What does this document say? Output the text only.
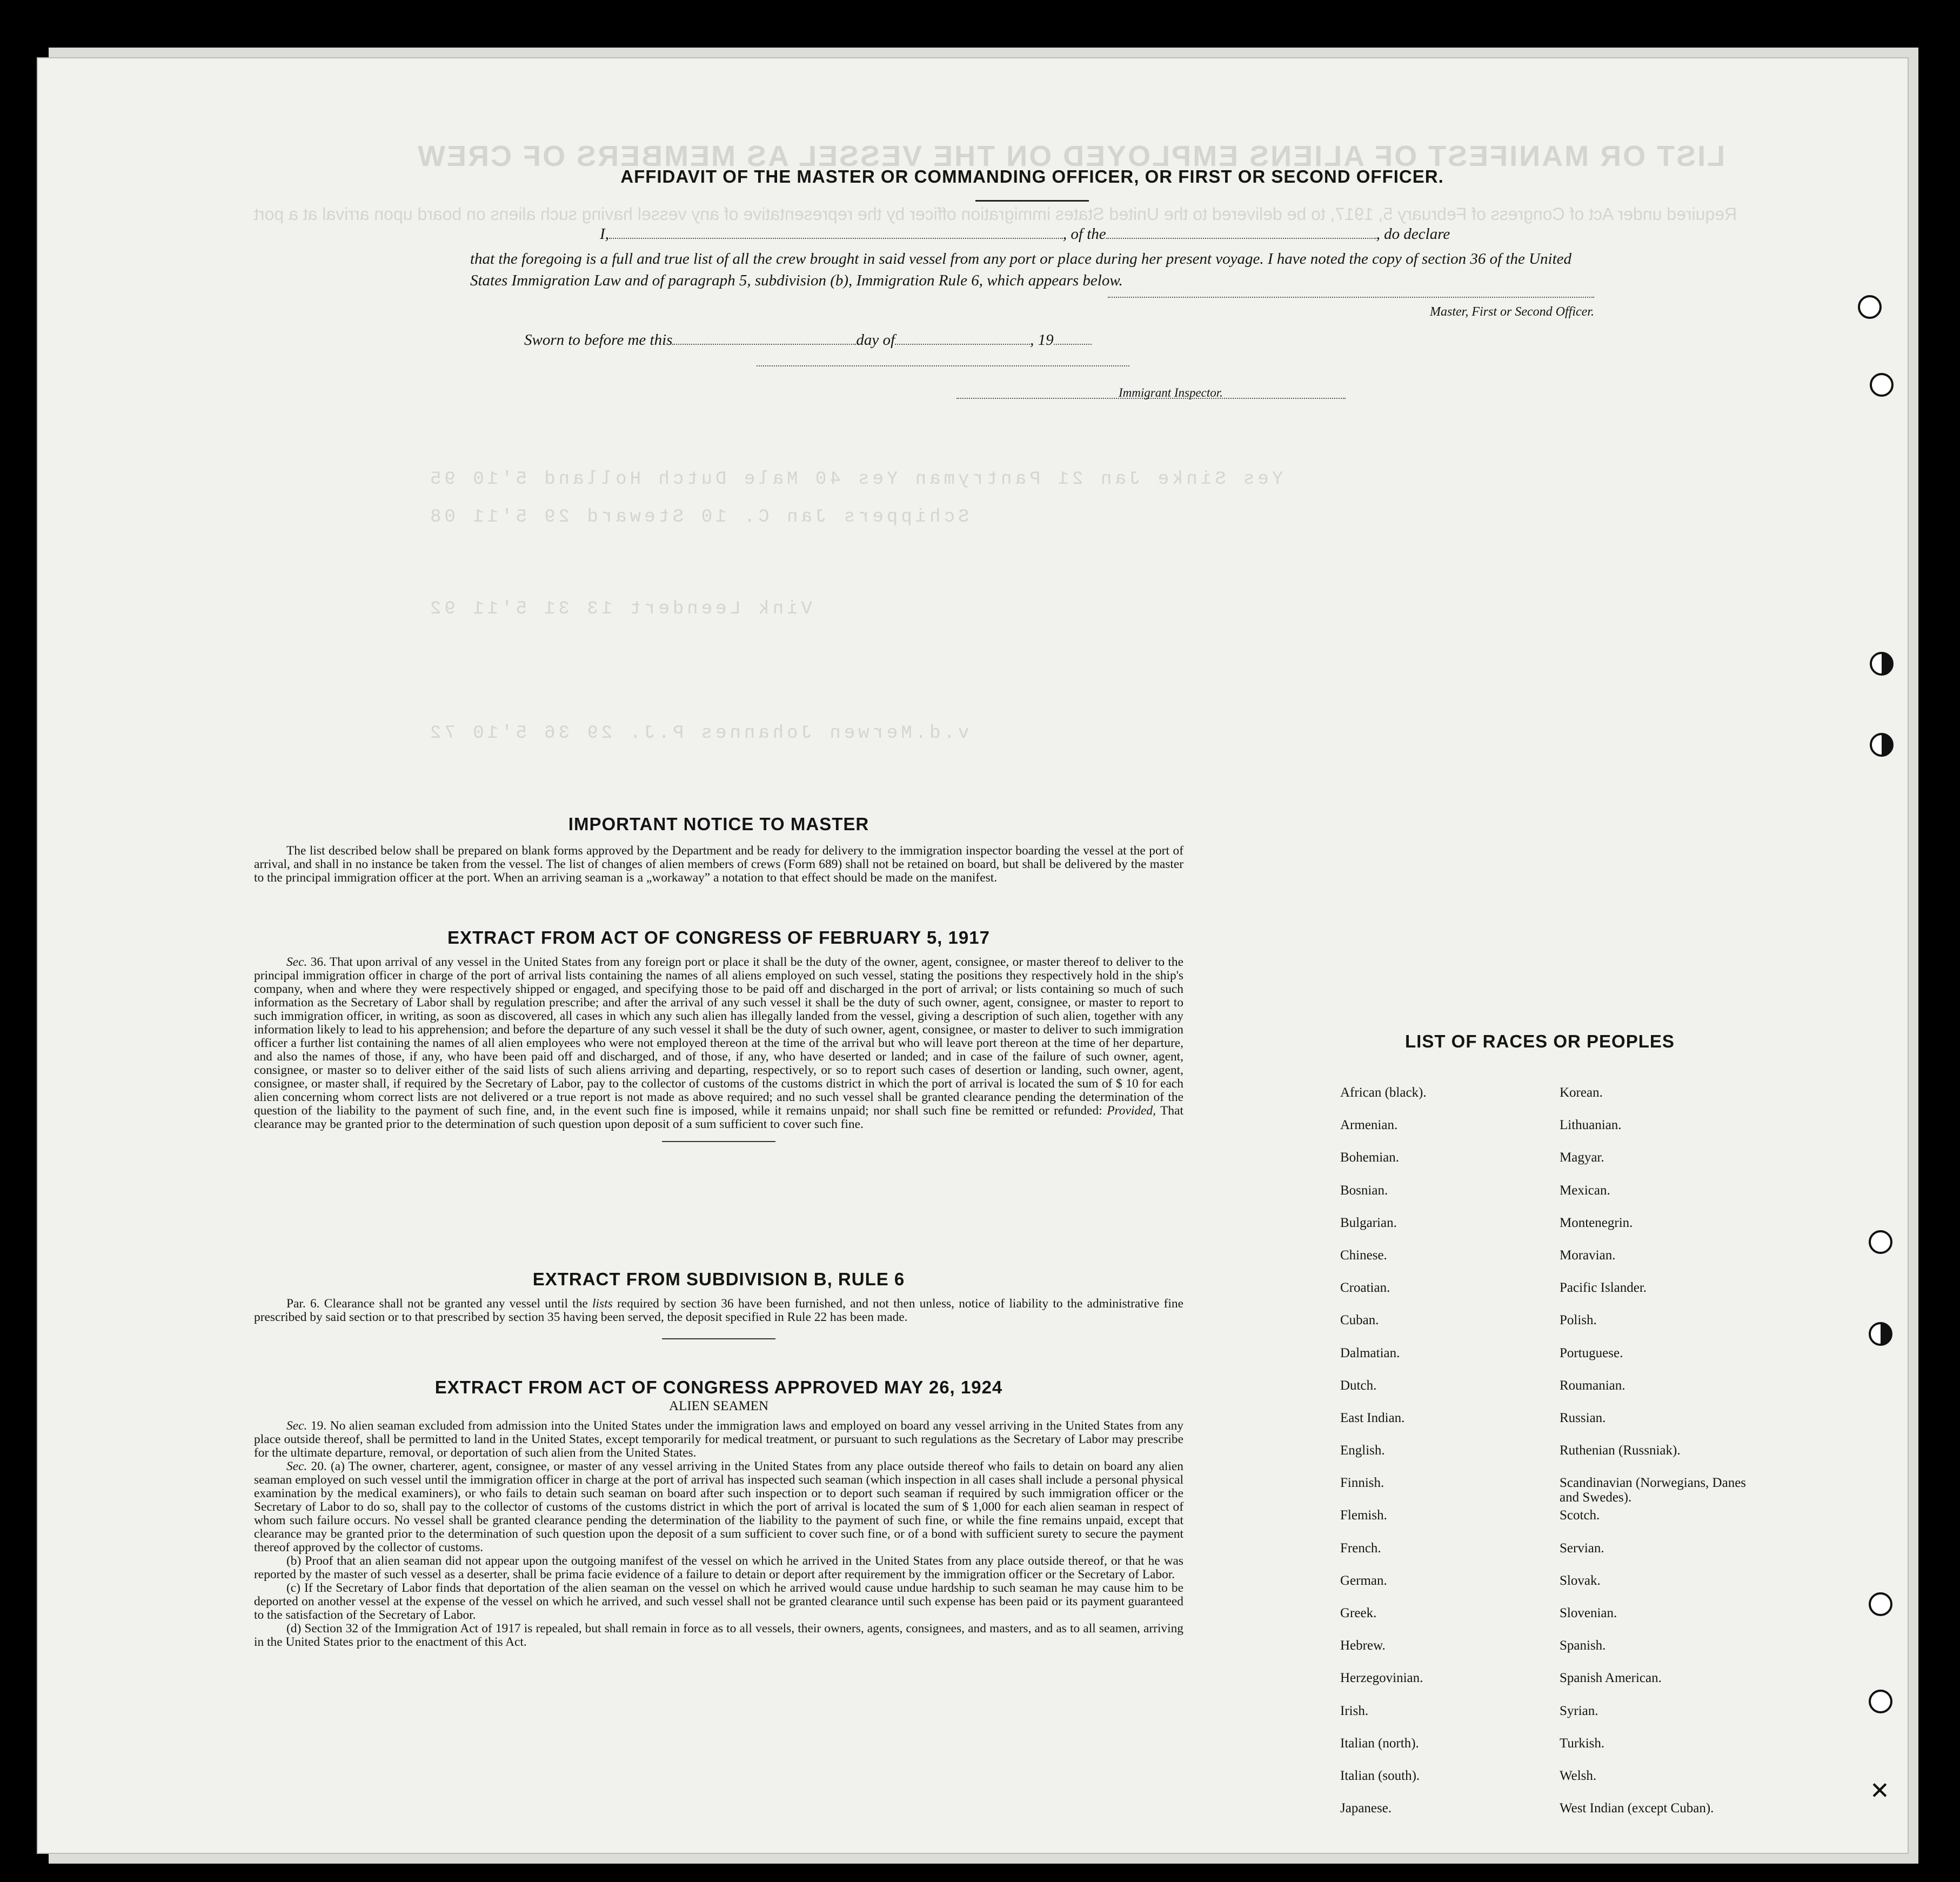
LIST OR MANIFEST OF ALIENS EMPLOYED ON THE VESSEL AS MEMBERS OF CREW
Required under Act of Congress of February 5, 1917, to be delivered to the United States immigration officer by the representative of any vessel having such aliens on board upon arrival at a port
Yes Sinke Jan 21 Pantryman Yes 40 Male Dutch Holland 5'10 95
Schippers Jan C. 10 Steward 29 5'11 08
Vink Leendert 13 31 5'11 92
v.d.Merwen Johannes P.J. 29 36 5'10 72
AFFIDAVIT OF THE MASTER OR COMMANDING OFFICER, OR FIRST OR SECOND OFFICER.
I,	, of the	, do declare
that the foregoing is a full and true list of all the crew brought in said vessel from any port or place during her present voyage. I have noted the copy of section 36 of the United States Immigration Law and of paragraph 5, subdivision (b), Immigration Rule 6, which appears below.
Master, First or Second Officer.
Sworn to before me this	day of	, 19
Immigrant Inspector.
IMPORTANT NOTICE TO MASTER

The list described below shall be prepared on blank forms approved by the Department and be ready for delivery to the immigration inspector boarding the vessel at the port of arrival, and shall in no instance be taken from the vessel. The list of changes of alien members of crews (Form 689) shall not be retained on board, but shall be delivered by the master to the principal immigration officer at the port. When an arriving seaman is a „workaway” a notation to that effect should be made on the manifest.

EXTRACT FROM ACT OF CONGRESS OF FEBRUARY 5, 1917

Sec. 36. That upon arrival of any vessel in the United States from any foreign port or place it shall be the duty of the owner, agent, consignee, or master thereof to deliver to the principal immigration officer in charge of the port of arrival lists containing the names of all aliens employed on such vessel, stating the positions they respectively hold in the ship's company, when and where they were respectively shipped or engaged, and specifying those to be paid off and discharged in the port of arrival; or lists containing so much of such information as the Secretary of Labor shall by regulation prescribe; and after the arrival of any such vessel it shall be the duty of such owner, agent, consignee, or master to report to such immigration officer, in writing, as soon as discovered, all cases in which any such alien has illegally landed from the vessel, giving a description of such alien, together with any information likely to lead to his apprehension; and before the departure of any such vessel it shall be the duty of such owner, agent, consignee, or master to deliver to such immigration officer a further list containing the names of all alien employees who were not employed thereon at the time of the arrival but who will leave port thereon at the time of her departure, and also the names of those, if any, who have been paid off and discharged, and of those, if any, who have deserted or landed; and in case of the failure of such owner, agent, consignee, or master so to deliver either of the said lists of such aliens arriving and departing, respectively, or so to report such cases of desertion or landing, such owner, agent, consignee, or master shall, if required by the Secretary of Labor, pay to the collector of customs of the customs district in which the port of arrival is located the sum of $ 10 for each alien concerning whom correct lists are not delivered or a true report is not made as above required; and no such vessel shall be granted clearance pending the determination of the question of the liability to the payment of such fine, and, in the event such fine is imposed, while it remains unpaid; nor shall such fine be remitted or refunded: Provided, That clearance may be granted prior to the determination of such question upon deposit of a sum sufficient to cover such fine.

EXTRACT FROM SUBDIVISION B, RULE 6

Par. 6. Clearance shall not be granted any vessel until the lists required by section 36 have been furnished, and not then unless, notice of liability to the administrative fine prescribed by said section or to that prescribed by section 35 having been served, the deposit specified in Rule 22 has been made.

EXTRACT FROM ACT OF CONGRESS APPROVED MAY 26, 1924
ALIEN SEAMEN

Sec. 19. No alien seaman excluded from admission into the United States under the immigration laws and employed on board any vessel arriving in the United States from any place outside thereof, shall be permitted to land in the United States, except temporarily for medical treatment, or pursuant to such regulations as the Secretary of Labor may prescribe for the ultimate departure, removal, or deportation of such alien from the United States.

Sec. 20. (a) The owner, charterer, agent, consignee, or master of any vessel arriving in the United States from any place outside thereof who fails to detain on board any alien seaman employed on such vessel until the immigration officer in charge at the port of arrival has inspected such seaman (which inspection in all cases shall include a personal physical examination by the medical examiners), or who fails to detain such seaman on board after such inspection or to deport such seaman if required by such immigration officer or the Secretary of Labor to do so, shall pay to the collector of customs of the customs district in which the port of arrival is located the sum of $ 1,000 for each alien seaman in respect of whom such failure occurs. No vessel shall be granted clearance pending the determination of the liability to the payment of such fine, or while the fine remains unpaid, except that clearance may be granted prior to the determination of such question upon the deposit of a sum sufficient to cover such fine, or of a bond with sufficient surety to secure the payment thereof approved by the collector of customs.

(b) Proof that an alien seaman did not appear upon the outgoing manifest of the vessel on which he arrived in the United States from any place outside thereof, or that he was reported by the master of such vessel as a deserter, shall be prima facie evidence of a failure to detain or deport after requirement by the immigration officer or the Secretary of Labor.

(c) If the Secretary of Labor finds that deportation of the alien seaman on the vessel on which he arrived would cause undue hardship to such seaman he may cause him to be deported on another vessel at the expense of the vessel on which he arrived, and such vessel shall not be granted clearance until such expense has been paid or its payment guaranteed to the satisfaction of the Secretary of Labor.

(d) Section 32 of the Immigration Act of 1917 is repealed, but shall remain in force as to all vessels, their owners, agents, consignees, and masters, and as to all seamen, arriving in the United States prior to the enactment of this Act.

LIST OF RACES OR PEOPLES
African (black).
Armenian.
Bohemian.
Bosnian.
Bulgarian.
Chinese.
Croatian.
Cuban.
Dalmatian.
Dutch.
East Indian.
English.
Finnish.
Flemish.
French.
German.
Greek.
Hebrew.
Herzegovinian.
Irish.
Italian (north).
Italian (south).
Japanese.
Korean.
Lithuanian.
Magyar.
Mexican.
Montenegrin.
Moravian.
Pacific Islander.
Polish.
Portuguese.
Roumanian.
Russian.
Ruthenian (Russniak).
Scandinavian (Norwegians, Danes and Swedes).
Scotch.
Servian.
Slovak.
Slovenian.
Spanish.
Spanish American.
Syrian.
Turkish.
Welsh.
West Indian (except Cuban).
✕
